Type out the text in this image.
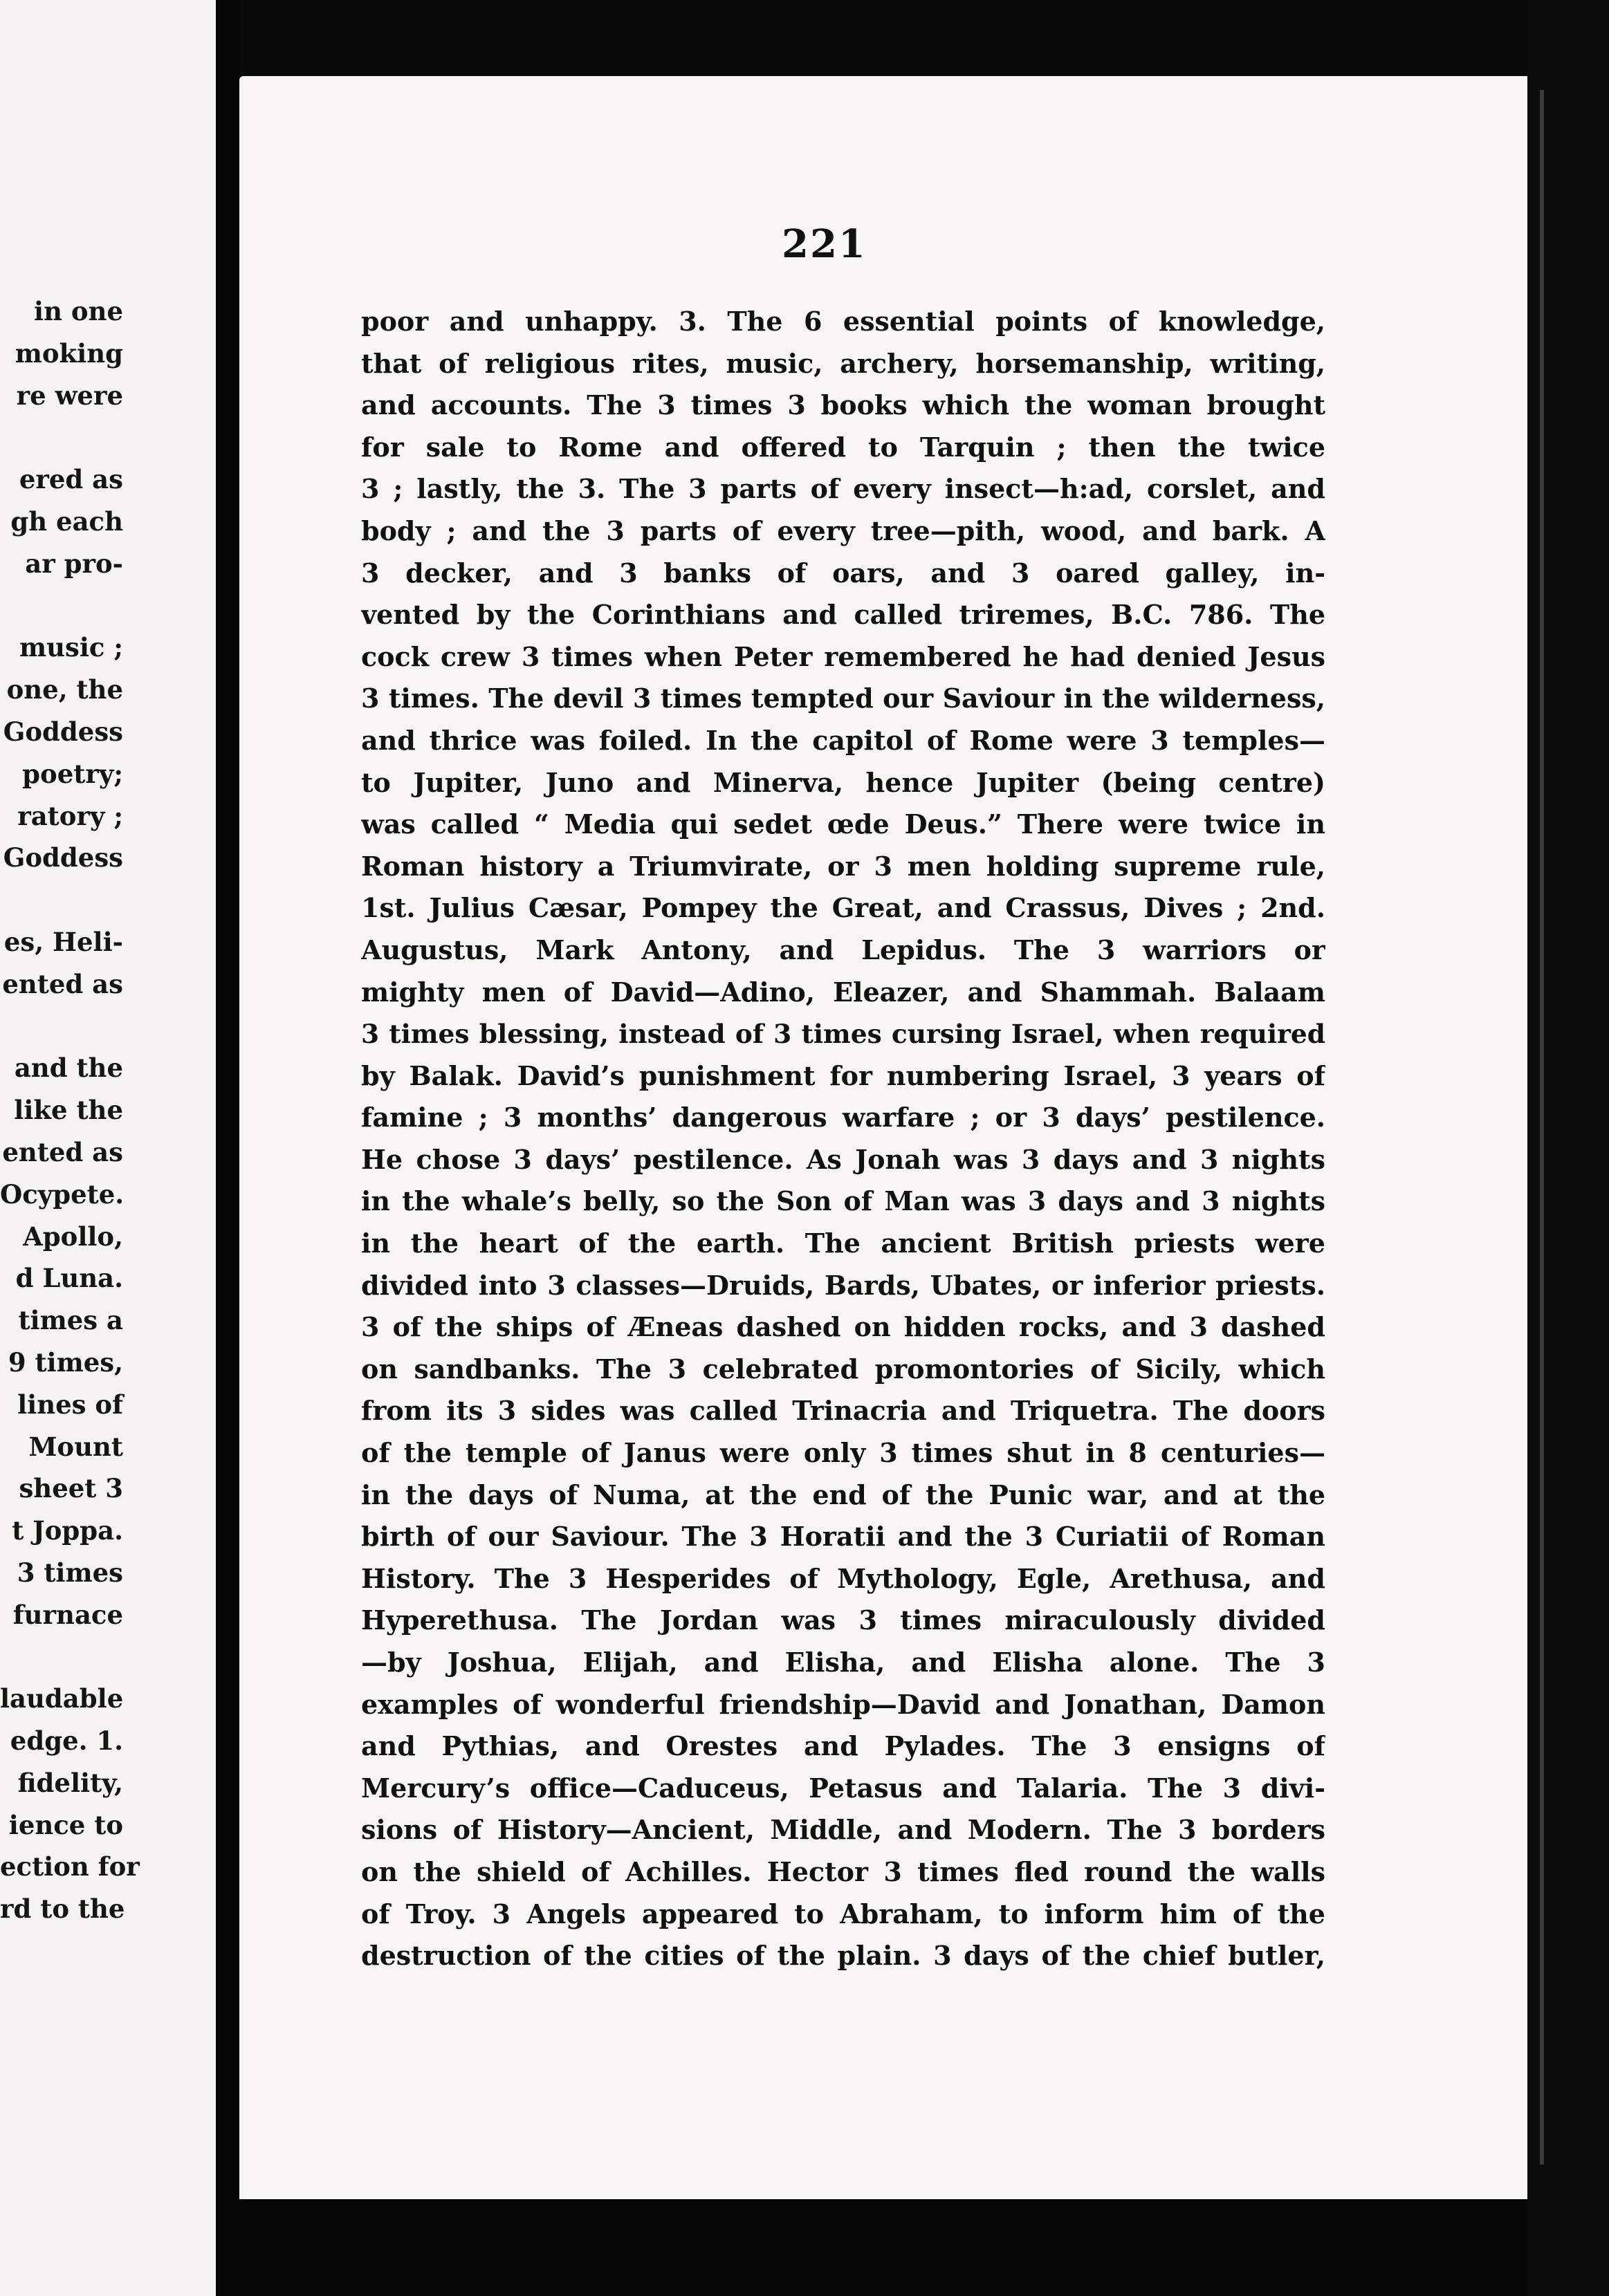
in one
moking
re were
ered as
gh each
ar pro-
music ;
one, the
Goddess
poetry;
ratory ;
Goddess
es, Heli-
ented as
and the
like the
ented as
Ocypete.
Apollo,
d Luna.
times a
9 times,
lines of
Mount
sheet 3
t Joppa.
3 times
furnace
laudable
edge. 1.
fidelity,
ience to
ection for
rd to the
221
poor and unhappy. 3. The 6 essential points of knowledge,
that of religious rites, music, archery, horsemanship, writing,
and accounts. The 3 times 3 books which the woman brought
for sale to Rome and offered to Tarquin ; then the twice
3 ; lastly, the 3. The 3 parts of every insect—h:ad, corslet, and
body ; and the 3 parts of every tree—pith, wood, and bark. A
3 decker, and 3 banks of oars, and 3 oared galley, in-
vented by the Corinthians and called triremes, B.C. 786. The
cock crew 3 times when Peter remembered he had denied Jesus
3 times. The devil 3 times tempted our Saviour in the wilderness,
and thrice was foiled. In the capitol of Rome were 3 temples—
to Jupiter, Juno and Minerva, hence Jupiter (being centre)
was called “ Media qui sedet œde Deus.” There were twice in
Roman history a Triumvirate, or 3 men holding supreme rule,
1st. Julius Cæsar, Pompey the Great, and Crassus, Dives ; 2nd.
Augustus, Mark Antony, and Lepidus. The 3 warriors or
mighty men of David—Adino, Eleazer, and Shammah. Balaam
3 times blessing, instead of 3 times cursing Israel, when required
by Balak. David’s punishment for numbering Israel, 3 years of
famine ; 3 months’ dangerous warfare ; or 3 days’ pestilence.
He chose 3 days’ pestilence. As Jonah was 3 days and 3 nights
in the whale’s belly, so the Son of Man was 3 days and 3 nights
in the heart of the earth. The ancient British priests were
divided into 3 classes—Druids, Bards, Ubates, or inferior priests.
3 of the ships of Æneas dashed on hidden rocks, and 3 dashed
on sandbanks. The 3 celebrated promontories of Sicily, which
from its 3 sides was called Trinacria and Triquetra. The doors
of the temple of Janus were only 3 times shut in 8 centuries—
in the days of Numa, at the end of the Punic war, and at the
birth of our Saviour. The 3 Horatii and the 3 Curiatii of Roman
History. The 3 Hesperides of Mythology, Egle, Arethusa, and
Hyperethusa. The Jordan was 3 times miraculously divided
—by Joshua, Elijah, and Elisha, and Elisha alone. The 3
examples of wonderful friendship—David and Jonathan, Damon
and Pythias, and Orestes and Pylades. The 3 ensigns of
Mercury’s office—Caduceus, Petasus and Talaria. The 3 divi-
sions of History—Ancient, Middle, and Modern. The 3 borders
on the shield of Achilles. Hector 3 times fled round the walls
of Troy. 3 Angels appeared to Abraham, to inform him of the
destruction of the cities of the plain. 3 days of the chief butler,
